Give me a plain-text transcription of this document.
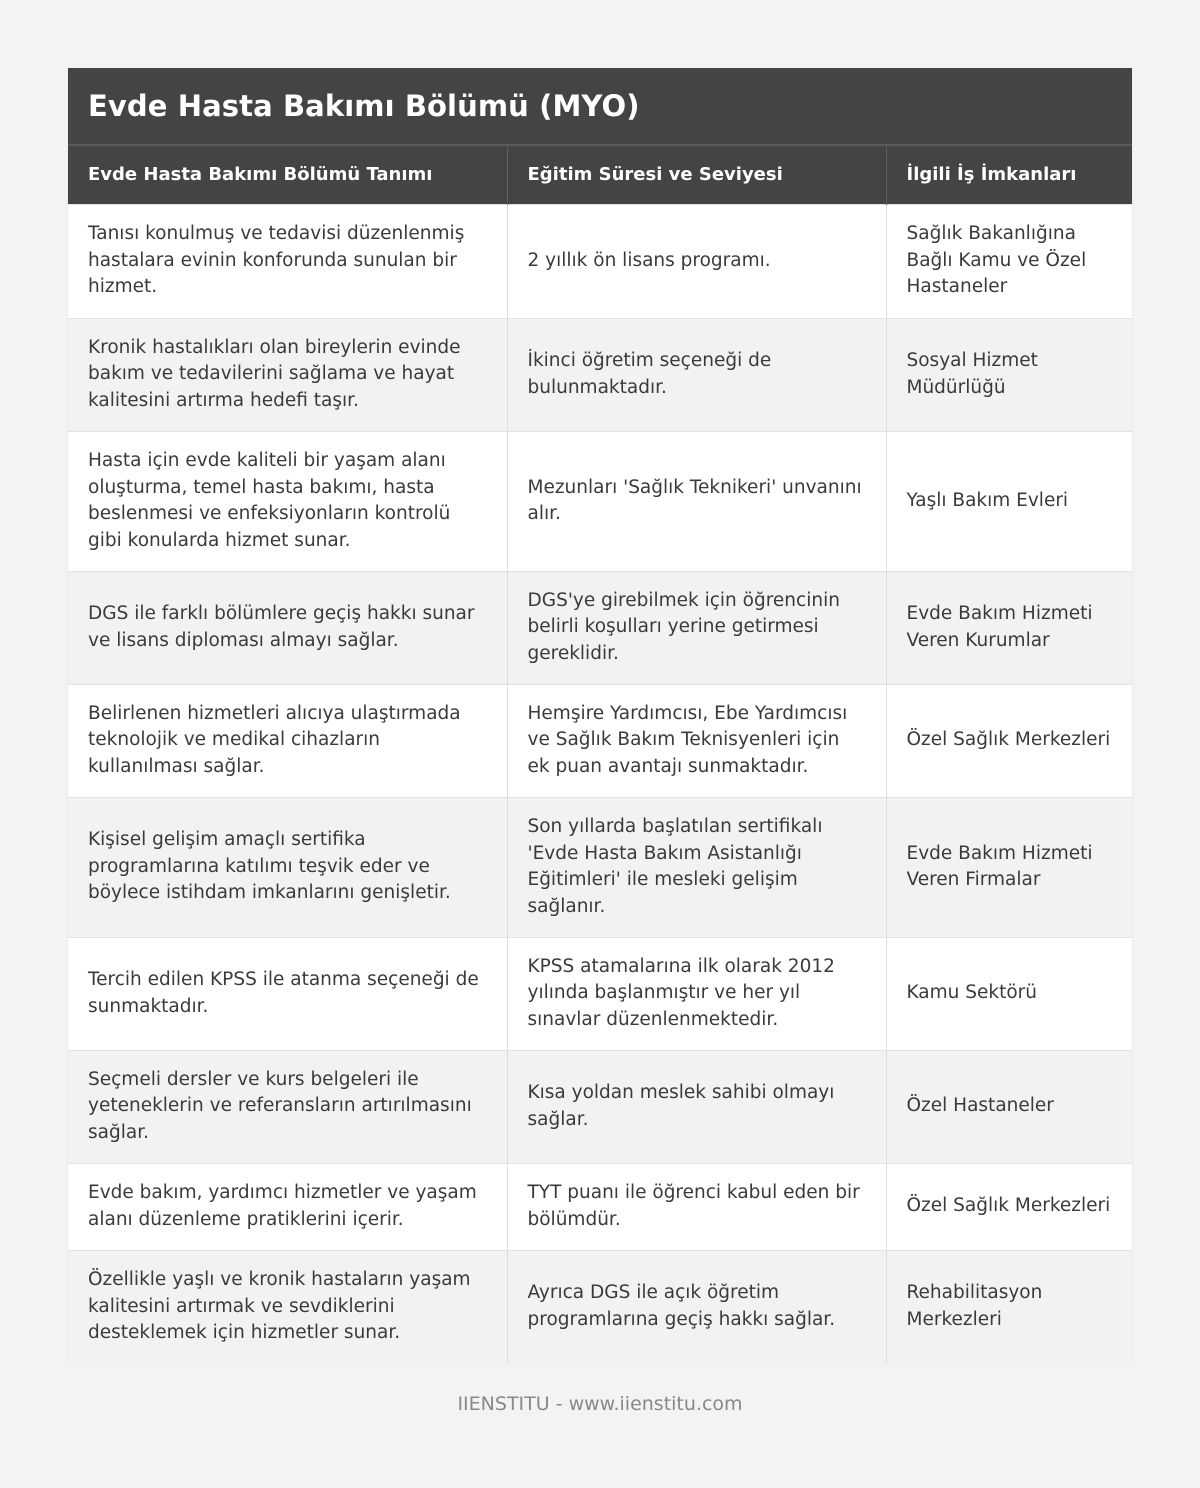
Evde Hasta Bakımı Bölümü (MYO)
Evde Hasta Bakımı Bölümü Tanımı	Eğitim Süresi ve Seviyesi	İlgili İş İmkanları
Tanısı konulmuş ve tedavisi düzenlenmiş hastalara evinin konforunda sunulan bir hizmet.	2 yıllık ön lisans programı.	Sağlık Bakanlığına Bağlı Kamu ve Özel Hastaneler
Kronik hastalıkları olan bireylerin evinde bakım ve tedavilerini sağlama ve hayat kalitesini artırma hedefi taşır.	İkinci öğretim seçeneği de bulunmaktadır.	Sosyal Hizmet Müdürlüğü
Hasta için evde kaliteli bir yaşam alanı oluşturma, temel hasta bakımı, hasta beslenmesi ve enfeksiyonların kontrolü gibi konularda hizmet sunar.	Mezunları 'Sağlık Teknikeri' unvanını alır.	Yaşlı Bakım Evleri
DGS ile farklı bölümlere geçiş hakkı sunar ve lisans diploması almayı sağlar.	DGS'ye girebilmek için öğrencinin belirli koşulları yerine getirmesi gereklidir.	Evde Bakım Hizmeti Veren Kurumlar
Belirlenen hizmetleri alıcıya ulaştırmada teknolojik ve medikal cihazların kullanılması sağlar.	Hemşire Yardımcısı, Ebe Yardımcısı ve Sağlık Bakım Teknisyenleri için ek puan avantajı sunmaktadır.	Özel Sağlık Merkezleri
Kişisel gelişim amaçlı sertifika programlarına katılımı teşvik eder ve böylece istihdam imkanlarını genişletir.	Son yıllarda başlatılan sertifikalı 'Evde Hasta Bakım Asistanlığı Eğitimleri' ile mesleki gelişim sağlanır.	Evde Bakım Hizmeti Veren Firmalar
Tercih edilen KPSS ile atanma seçeneği de sunmaktadır.	KPSS atamalarına ilk olarak 2012 yılında başlanmıştır ve her yıl sınavlar düzenlenmektedir.	Kamu Sektörü
Seçmeli dersler ve kurs belgeleri ile yeteneklerin ve referansların artırılmasını sağlar.	Kısa yoldan meslek sahibi olmayı sağlar.	Özel Hastaneler
Evde bakım, yardımcı hizmetler ve yaşam alanı düzenleme pratiklerini içerir.	TYT puanı ile öğrenci kabul eden bir bölümdür.	Özel Sağlık Merkezleri
Özellikle yaşlı ve kronik hastaların yaşam kalitesini artırmak ve sevdiklerini desteklemek için hizmetler sunar.	Ayrıca DGS ile açık öğretim programlarına geçiş hakkı sağlar.	Rehabilitasyon Merkezleri
IIENSTITU - www.iienstitu.com
